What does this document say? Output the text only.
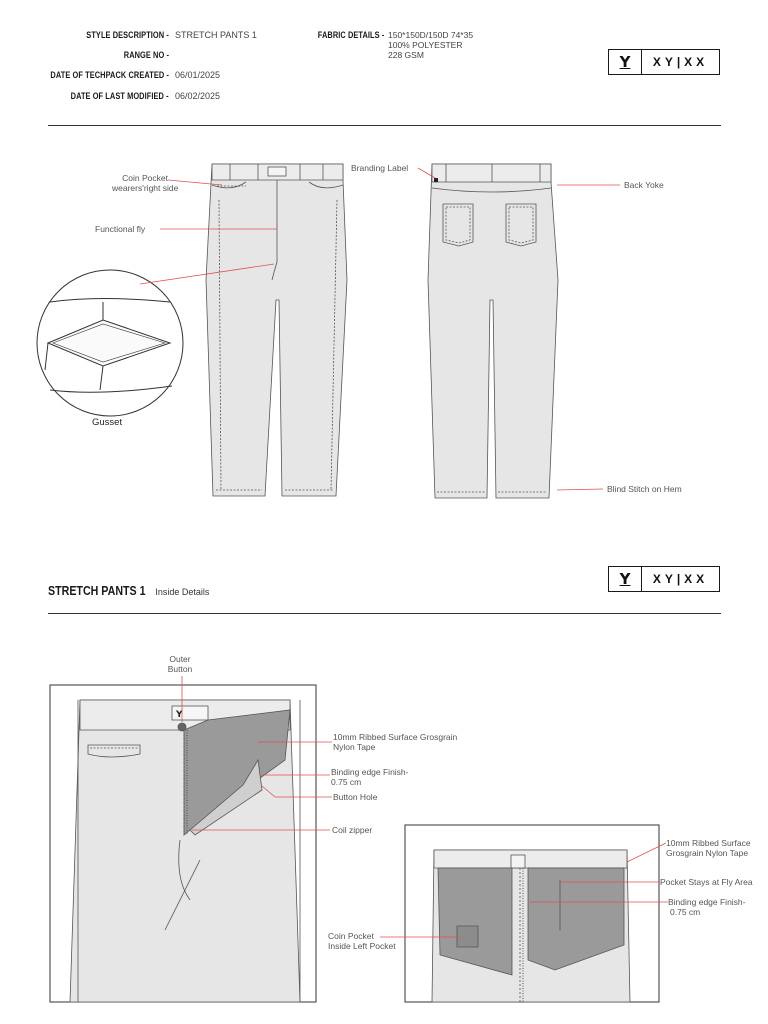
STYLE DESCRIPTION - STRETCH PANTS 1
RANGE NO -
DATE OF TECHPACK CREATED - 06/01/2025
DATE OF LAST MODIFIED - 06/02/2025
FABRIC DETAILS - 150*150D/150D 74*35
100% POLYESTER
228 GSM	Y	XY|XX
Y
Coin Pocket
wearers'right side
Functional fly
Gusset
Branding Label
Back Yoke
Blind Stitch on Hem
STRETCH PANTS 1 Inside Details
Y	XY|XX
Outer
Button
10mm Ribbed Surface Grosgrain
Nylon Tape
Binding edge Finish-
0.75 cm
Button Hole
Coil zipper
10mm Ribbed Surface
Grosgrain Nylon Tape
Pocket Stays at Fly Area
Binding edge Finish-
0.75 cm
Coin Pocket
Inside Left Pocket
